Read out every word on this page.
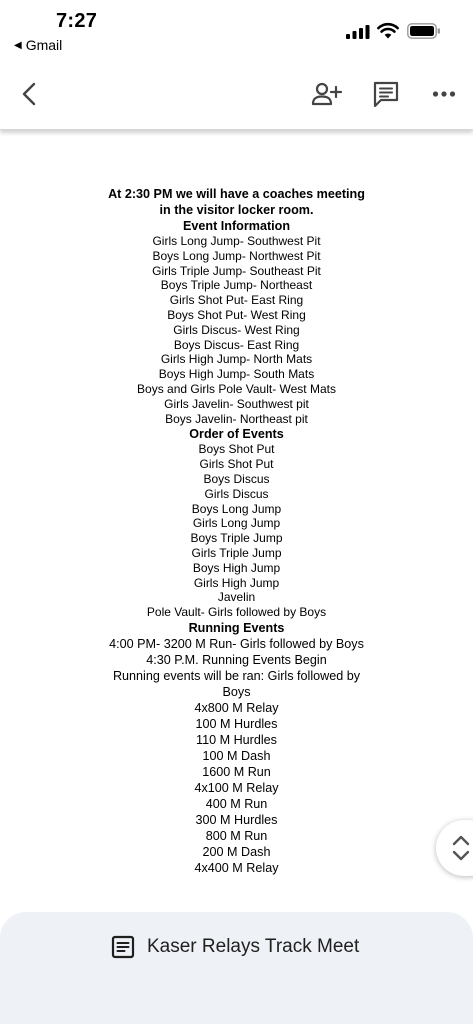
7:27
◀ Gmail
At 2:30 PM we will have a coaches meeting
in the visitor locker room.
Event Information
Girls Long Jump- Southwest Pit
Boys Long Jump- Northwest Pit
Girls Triple Jump- Southeast Pit
Boys Triple Jump- Northeast
Girls Shot Put- East Ring
Boys Shot Put- West Ring
Girls Discus- West Ring
Boys Discus- East Ring
Girls High Jump- North Mats
Boys High Jump- South Mats
Boys and Girls Pole Vault- West Mats
Girls Javelin- Southwest pit
Boys Javelin- Northeast pit
Order of Events
Boys Shot Put
Girls Shot Put
Boys Discus
Girls Discus
Boys Long Jump
Girls Long Jump
Boys Triple Jump
Girls Triple Jump
Boys High Jump
Girls High Jump
Javelin
Pole Vault- Girls followed by Boys
Running Events
4:00 PM- 3200 M Run- Girls followed by Boys
4:30 P.M. Running Events Begin
Running events will be ran: Girls followed by Boys
4x800 M Relay
100 M Hurdles
110 M Hurdles
100 M Dash
1600 M Run
4x100 M Relay
400 M Run
300 M Hurdles
800 M Run
200 M Dash
4x400 M Relay
Kaser Relays Track Meet
